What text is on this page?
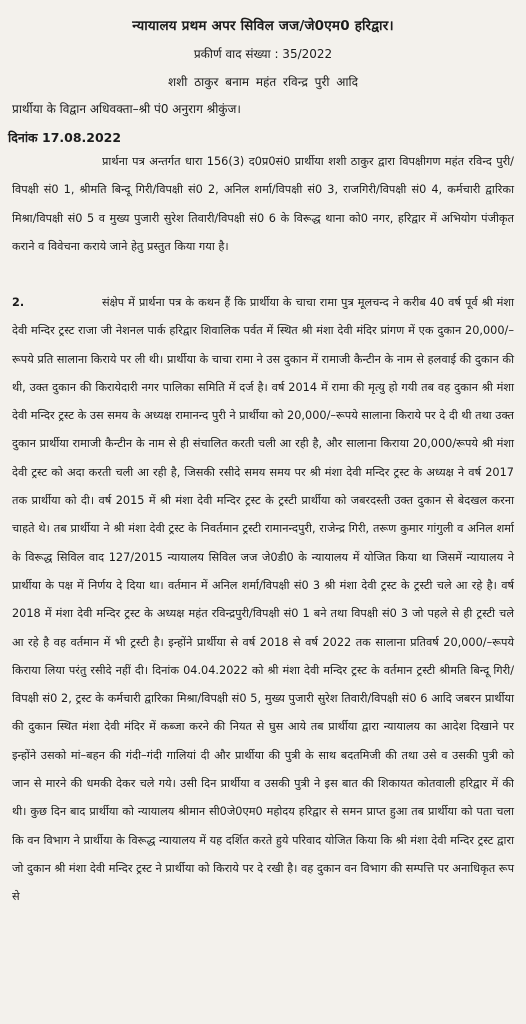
न्यायालय प्रथम अपर सिविल जज/जे0एम0 हरिद्वार।
प्रकीर्ण वाद संख्या : 35/2022
शशी ठाकुर बनाम महंत रविन्द्र पुरी आदि
प्रार्थीया के विद्वान अधिवक्ता–श्री पं0 अनुराग श्रीकुंज।
दिनांक 17.08.2022
प्रार्थना पत्र अन्तर्गत धारा 156(3) द0प्र0सं0 प्रार्थीया शशी ठाकुर द्वारा विपक्षीगण महंत रविन्द पुरी/विपक्षी सं0 1, श्रीमति बिन्दू गिरी/विपक्षी सं0 2, अनिल शर्मा/विपक्षी सं0 3, राजगिरी/विपक्षी सं0 4, कर्मचारी द्वारिका मिश्रा/विपक्षी सं0 5 व मुख्य पुजारी सुरेश तिवारी/विपक्षी सं0 6 के विरूद्ध थाना को0 नगर, हरिद्वार में अभियोग पंजीकृत कराने व विवेचना कराये जाने हेतु प्रस्तुत किया गया है।
2.	संक्षेप में प्रार्थना पत्र के कथन हैं कि प्रार्थीया के चाचा रामा पुत्र मूलचन्द ने करीब 40 वर्ष पूर्व श्री मंशा देवी मन्दिर ट्रस्ट राजा जी नेशनल पार्क हरिद्वार शिवालिक पर्वत में स्थित श्री मंशा देवी मंदिर प्रांगण में एक दुकान 20,000/–रूपये प्रति सालाना किराये पर ली थी। प्रार्थीया के चाचा रामा ने उस दुकान में रामाजी कैन्टीन के नाम से हलवाई की दुकान की थी, उक्त दुकान की किरायेदारी नगर पालिका समिति में दर्ज है। वर्ष 2014 में रामा की मृत्यु हो गयी तब वह दुकान श्री मंशा देवी मन्दिर ट्रस्ट के उस समय के अध्यक्ष रामानन्द पुरी ने प्रार्थीया को 20,000/–रूपये सालाना किराये पर दे दी थी तथा उक्त दुकान प्रार्थीया रामाजी कैन्टीन के नाम से ही संचालित करती चली आ रही है, और सालाना किराया 20,000/रूपये श्री मंशा देवी ट्रस्ट को अदा करती चली आ रही है, जिसकी रसीदे समय समय पर श्री मंशा देवी मन्दिर ट्रस्ट के अध्यक्ष ने वर्ष 2017 तक प्रार्थीया को दी। वर्ष 2015 में श्री मंशा देवी मन्दिर ट्रस्ट के ट्रस्टी प्रार्थीया को जबरदस्ती उक्त दुकान से बेदखल करना चाहते थे। तब प्रार्थीया ने श्री मंशा देवी ट्रस्ट के निवर्तमान ट्रस्टी रामानन्दपुरी, राजेन्द्र गिरी, तरूण कुमार गांगुली व अनिल शर्मा के विरूद्ध सिविल वाद 127/2015 न्यायालय सिविल जज जे0डी0 के न्यायालय में योजित किया था जिसमें न्यायालय ने प्रार्थीया के पक्ष में निर्णय दे दिया था। वर्तमान में अनिल शर्मा/विपक्षी सं0 3 श्री मंशा देवी ट्रस्ट के ट्रस्टी चले आ रहे है। वर्ष 2018 में मंशा देवी मन्दिर ट्रस्ट के अध्यक्ष महंत रविन्द्रपुरी/विपक्षी सं0 1 बने तथा विपक्षी सं0 3 जो पहले से ही ट्रस्टी चले आ रहे है वह वर्तमान में भी ट्रस्टी है। इन्होंने प्रार्थीया से वर्ष 2018 से वर्ष 2022 तक सालाना प्रतिवर्ष 20,000/–रूपये किराया लिया परंतु रसीदे नहीं दी। दिनांक 04.04.2022 को श्री मंशा देवी मन्दिर ट्रस्ट के वर्तमान ट्रस्टी श्रीमति बिन्दू गिरी/विपक्षी सं0 2, ट्रस्ट के कर्मचारी द्वारिका मिश्रा/विपक्षी सं0 5, मुख्य पुजारी सुरेश तिवारी/विपक्षी सं0 6 आदि जबरन प्रार्थीया की दुकान स्थित मंशा देवी मंदिर में कब्जा करने की नियत से घुस आये तब प्रार्थीया द्वारा न्यायालय का आदेश दिखाने पर इन्होंने उसको मां–बहन की गंदी–गंदी गालियां दी और प्रार्थीया की पुत्री के साथ बदतमिजी की तथा उसे व उसकी पुत्री को जान से मारने की धमकी देकर चले गये। उसी दिन प्रार्थीया व उसकी पुत्री ने इस बात की शिकायत कोतवाली हरिद्वार में की थी। कुछ दिन बाद प्रार्थीया को न्यायालय श्रीमान सी0जे0एम0 महोदय हरिद्वार से समन प्राप्त हुआ तब प्रार्थीया को पता चला कि वन विभाग ने प्रार्थीया के विरूद्ध न्यायालय में यह दर्शित करते हुये परिवाद योजित किया कि श्री मंशा देवी मन्दिर ट्रस्ट द्वारा जो दुकान श्री मंशा देवी मन्दिर ट्रस्ट ने प्रार्थीया को किराये पर दे रखी है। वह दुकान वन विभाग की सम्पत्ति पर अनाधिकृत रूप से
